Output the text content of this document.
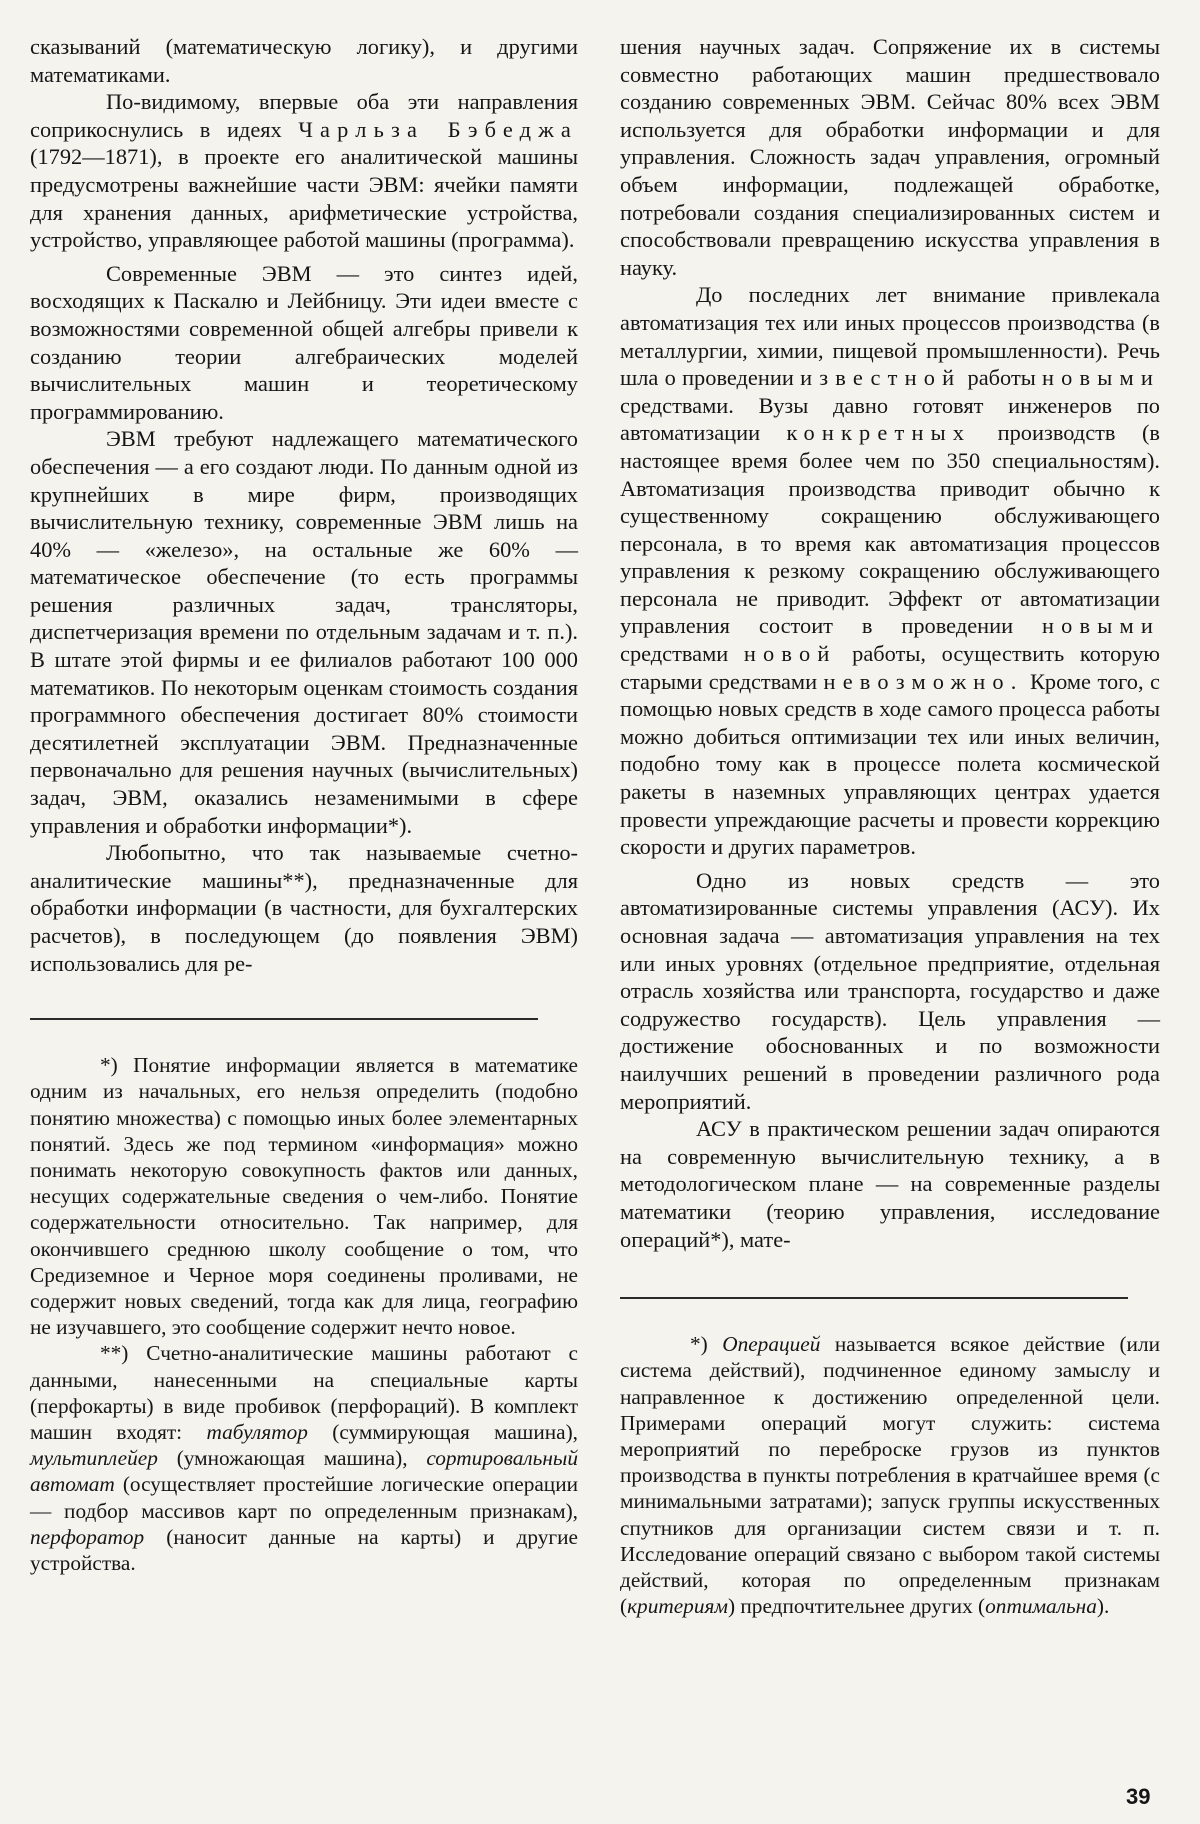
сказываний (математическую логику), и другими математиками.

По-видимому, впервые оба эти направления соприкоснулись в идеях Чарльза Бэбеджа (1792—1871), в проекте его аналитической машины предусмотрены важнейшие части ЭВМ: ячейки памяти для хранения данных, арифметические устройства, устройство, управляющее работой машины (программа).

Современные ЭВМ — это синтез идей, восходящих к Паскалю и Лейбницу. Эти идеи вместе с возможностями современной общей алгебры привели к созданию теории алгебраических моделей вычислительных машин и теоретическому программированию.

ЭВМ требуют надлежащего математического обеспечения — а его создают люди. По данным одной из крупнейших в мире фирм, производящих вычислительную технику, современные ЭВМ лишь на 40% — «железо», на остальные же 60% — математическое обеспечение (то есть программы решения различных задач, трансляторы, диспетчеризация времени по отдельным задачам и т. п.). В штате этой фирмы и ее филиалов работают 100 000 математиков. По некоторым оценкам стоимость создания программного обеспечения достигает 80% стоимости десятилетней эксплуатации ЭВМ. Предназначенные первоначально для решения научных (вычислительных) задач, ЭВМ, оказались незаменимыми в сфере управления и обработки информации*).

Любопытно, что так называемые счетно-аналитические машины**), предназначенные для обработки информации (в частности, для бухгалтерских расчетов), в последующем (до появления ЭВМ) использовались для ре-

*) Понятие информации является в математике одним из начальных, его нельзя определить (подобно понятию множества) с помощью иных более элементарных понятий. Здесь же под термином «информация» можно понимать некоторую совокупность фактов или данных, несущих содержательные сведения о чем-либо. Понятие содержательности относительно. Так например, для окончившего среднюю школу сообщение о том, что Средиземное и Черное моря соединены проливами, не содержит новых сведений, тогда как для лица, географию не изучавшего, это сообщение содержит нечто новое.

**) Счетно-аналитические машины работают с данными, нанесенными на специальные карты (перфокарты) в виде пробивок (перфораций). В комплект машин входят: табулятор (суммирующая машина), мультиплейер (умножающая машина), сортировальный автомат (осуществляет простейшие логические операции — подбор массивов карт по определенным признакам), перфоратор (наносит данные на карты) и другие устройства.

шения научных задач. Сопряжение их в системы совместно работающих машин предшествовало созданию современных ЭВМ. Сейчас 80% всех ЭВМ используется для обработки информации и для управления. Сложность задач управления, огромный объем информации, подлежащей обработке, потребовали создания специализированных систем и способствовали превращению искусства управления в науку.

До последних лет внимание привлекала автоматизация тех или иных процессов производства (в металлургии, химии, пищевой промышленности). Речь шла о проведении известной работы новыми средствами. Вузы давно готовят инженеров по автоматизации конкретных производств (в настоящее время более чем по 350 специальностям). Автоматизация производства приводит обычно к существенному сокращению обслуживающего персонала, в то время как автоматизация процессов управления к резкому сокращению обслуживающего персонала не приводит. Эффект от автоматизации управления состоит в проведении новыми средствами новой работы, осуществить которую старыми средствами невозможно. Кроме того, с помощью новых средств в ходе самого процесса работы можно добиться оптимизации тех или иных величин, подобно тому как в процессе полета космической ракеты в наземных управляющих центрах удается провести упреждающие расчеты и провести коррекцию скорости и других параметров.

Одно из новых средств — это автоматизированные системы управления (АСУ). Их основная задача — автоматизация управления на тех или иных уровнях (отдельное предприятие, отдельная отрасль хозяйства или транспорта, государство и даже содружество государств). Цель управления — достижение обоснованных и по возможности наилучших решений в проведении различного рода мероприятий.

АСУ в практическом решении задач опираются на современную вычислительную технику, а в методологическом плане — на современные разделы математики (теорию управления, исследование операций*), мате-

*) Операцией называется всякое действие (или система действий), подчиненное единому замыслу и направленное к достижению определенной цели. Примерами операций могут служить: система мероприятий по переброске грузов из пунктов производства в пункты потребления в кратчайшее время (с минимальными затратами); запуск группы искусственных спутников для организации систем связи и т. п. Исследование операций связано с выбором такой системы действий, которая по определенным признакам (критериям) предпочтительнее других (оптимальна).

39
